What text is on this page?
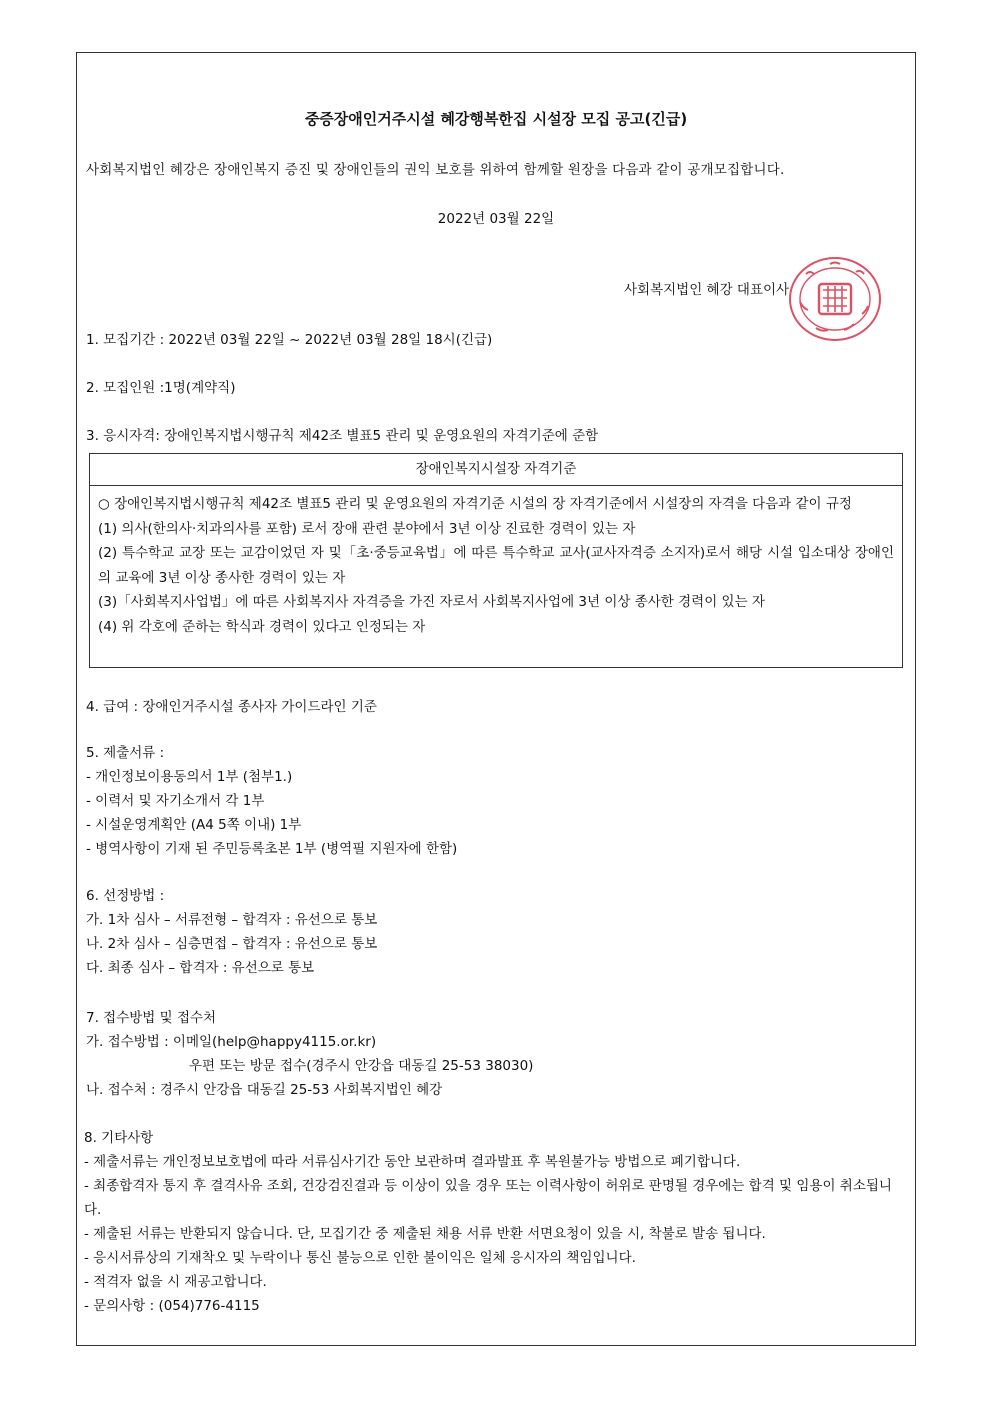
중증장애인거주시설 혜강행복한집 시설장 모집 공고(긴급)
사회복지법인 혜강은 장애인복지 증진 및 장애인들의 권익 보호를 위하여 함께할 원장을 다음과 같이 공개모집합니다.
2022년 03월 22일
사회복지법인 혜강 대표이사
1. 모집기간 : 2022년 03월 22일 ~ 2022년 03월 28일 18시(긴급)
2. 모집인원 :1명(계약직)
3. 응시자격: 장애인복지법시행규칙 제42조 별표5 관리 및 운영요원의 자격기준에 준함
장애인복지시설장 자격기준

○ 장애인복지법시행규칙 제42조 별표5 관리 및 운영요원의 자격기준 시설의 장 자격기준에서 시설장의 자격을 다음과 같이 규정

(1) 의사(한의사‧치과의사를 포함) 로서 장애 관련 분야에서 3년 이상 진료한 경력이 있는 자

(2) 특수학교 교장 또는 교감이었던 자 및「초·중등교육법」에 따른 특수학교 교사(교사자격증 소지자)로서 해당 시설 입소대상 장애인의 교육에 3년 이상 종사한 경력이 있는 자

(3)「사회복지사업법」에 따른 사회복지사 자격증을 가진 자로서 사회복지사업에 3년 이상 종사한 경력이 있는 자

(4) 위 각호에 준하는 학식과 경력이 있다고 인정되는 자

4. 급여 : 장애인거주시설 종사자 가이드라인 기준

5. 제출서류 :

- 개인정보이용동의서 1부 (첨부1.)

- 이력서 및 자기소개서 각 1부

- 시설운영계획안 (A4 5쪽 이내) 1부

- 병역사항이 기재 된 주민등록초본 1부 (병역필 지원자에 한함)

6. 선정방법 :

가. 1차 심사 – 서류전형 – 합격자 : 유선으로 통보

나. 2차 심사 – 심층면접 – 합격자 : 유선으로 통보

다. 최종 심사 – 합격자 : 유선으로 통보

7. 접수방법 및 접수처

가. 접수방법 : 이메일(help@happy4115.or.kr)

우편 또는 방문 접수(경주시 안강읍 대동길 25-53 38030)

나. 접수처 : 경주시 안강읍 대동길 25-53 사회복지법인 혜강

8. 기타사항

- 제출서류는 개인정보보호법에 따라 서류심사기간 동안 보관하며 결과발표 후 복원불가능 방법으로 폐기합니다.

- 최종합격자 통지 후 결격사유 조회, 건강검진결과 등 이상이 있을 경우 또는 이력사항이 허위로 판명될 경우에는 합격 및 임용이 취소됩니다.

- 제출된 서류는 반환되지 않습니다. 단, 모집기간 중 제출된 채용 서류 반환 서면요청이 있을 시, 착불로 발송 됩니다.

- 응시서류상의 기재착오 및 누락이나 통신 불능으로 인한 불이익은 일체 응시자의 책임입니다.

- 적격자 없을 시 재공고합니다.

- 문의사항 : (054)776-4115
